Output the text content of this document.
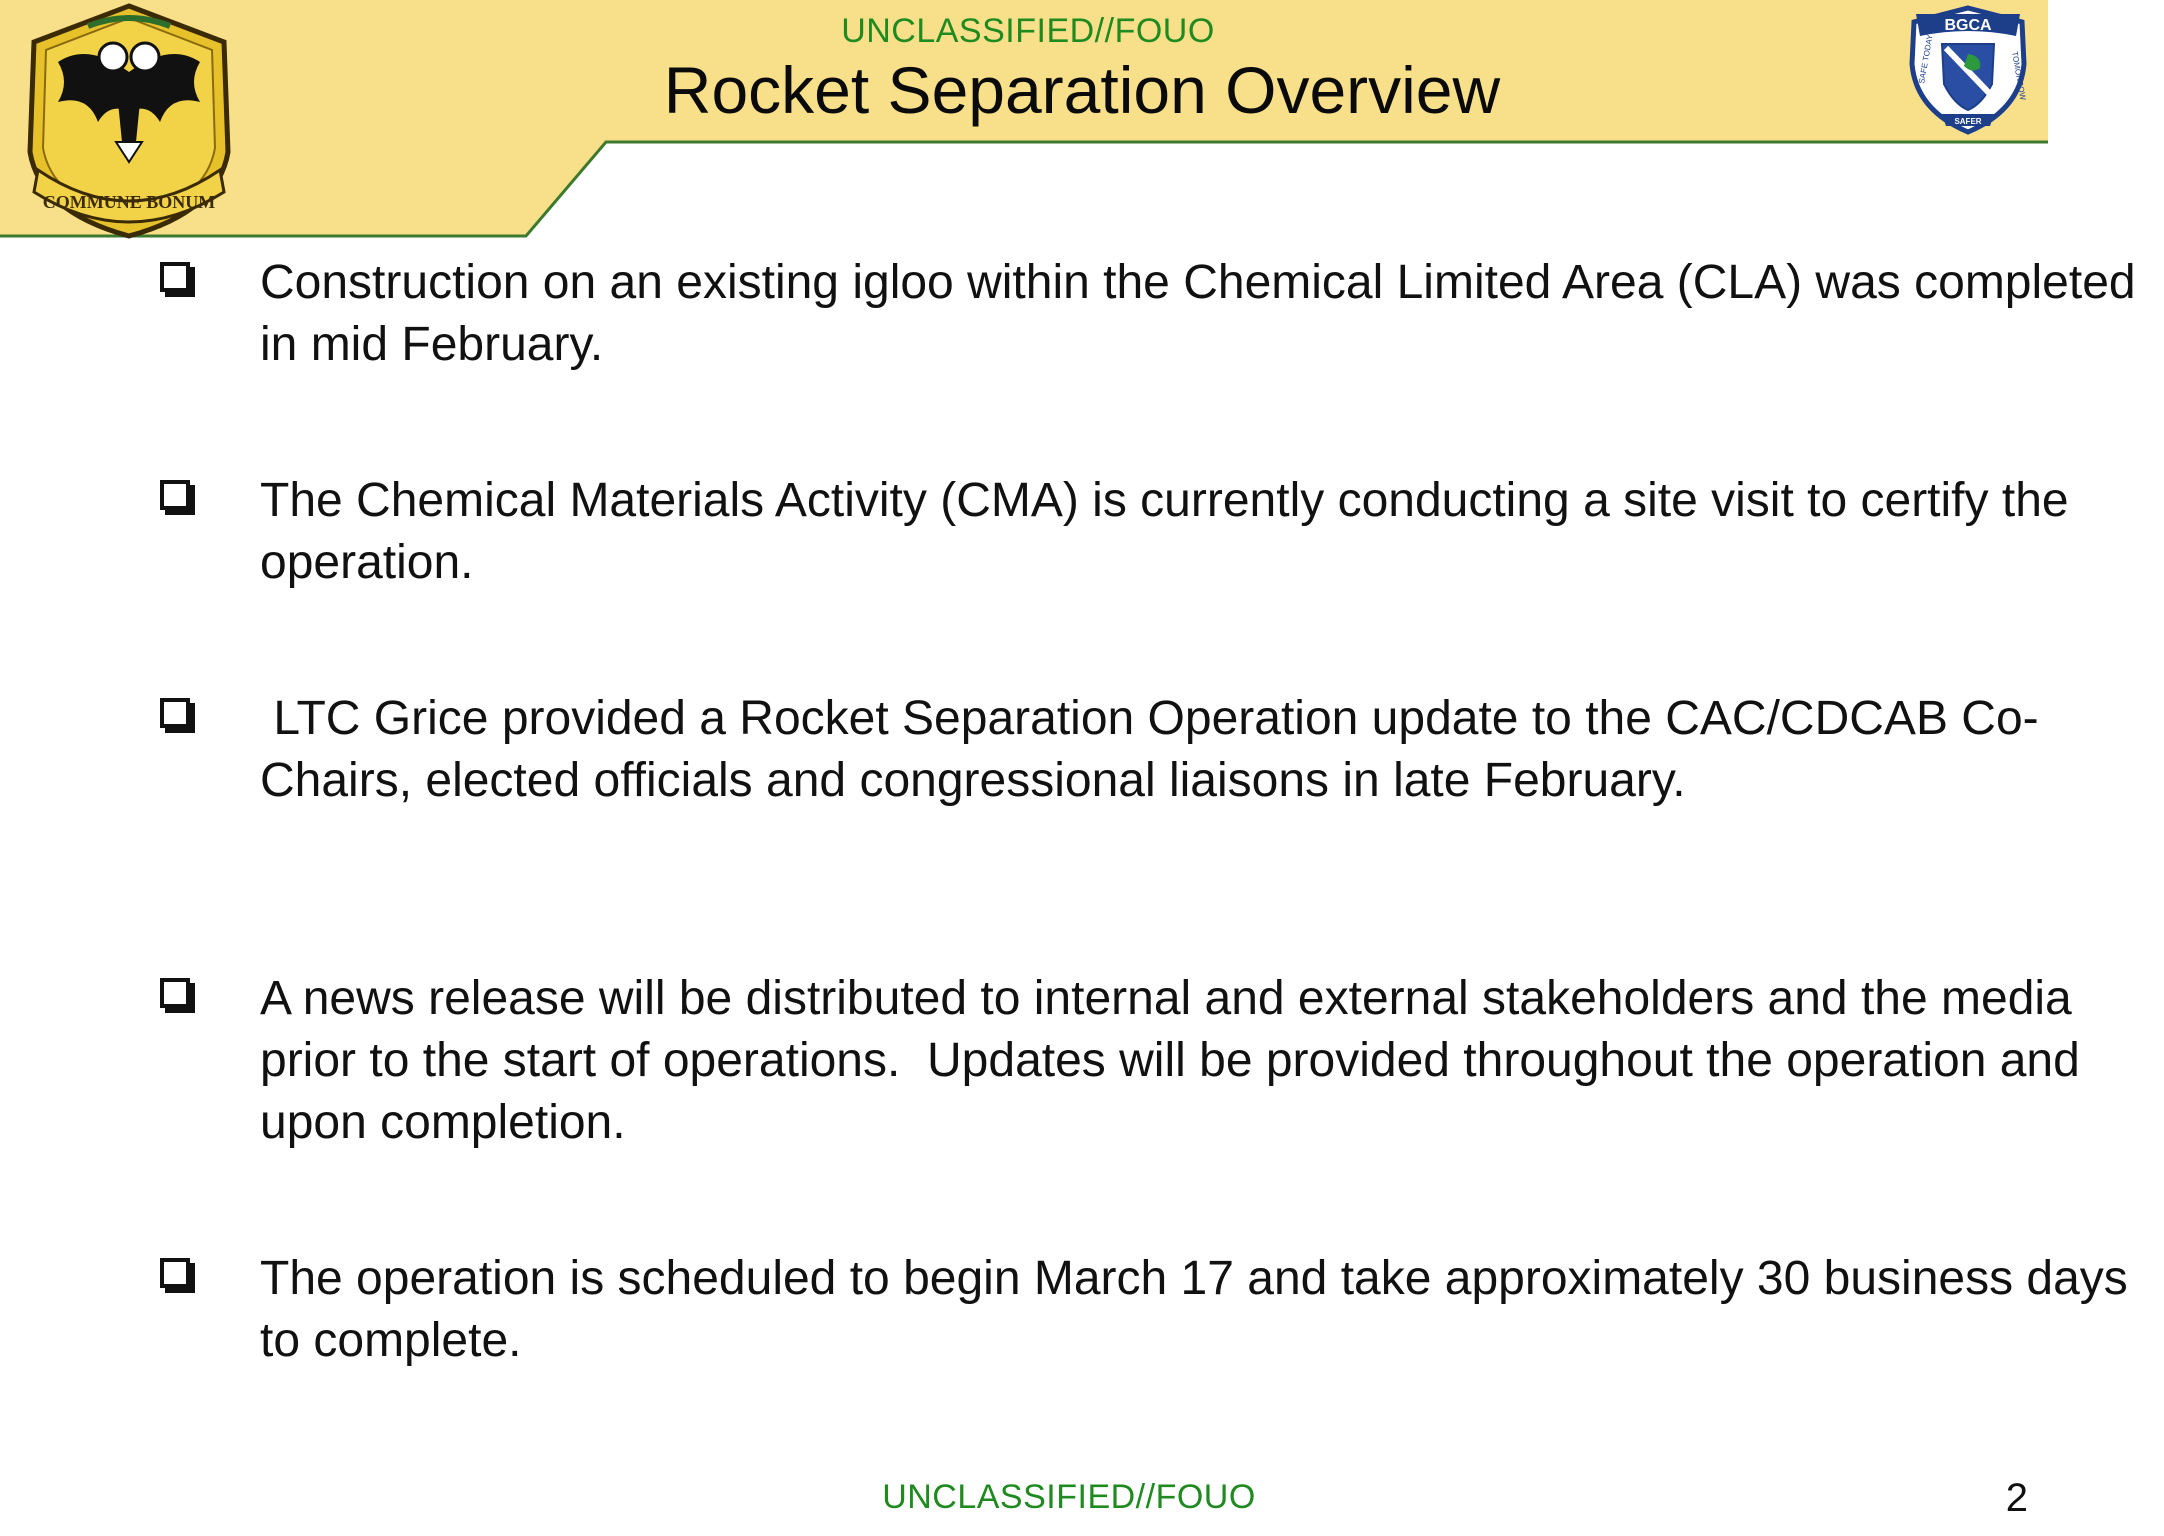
COMMUNE BONUM
BGCA
SAFE TODAY	TOMORROW
SAFER
UNCLASSIFIED//FOUO
Rocket Separation Overview
Construction on an existing igloo within the Chemical Limited Area (CLA) was completed in mid February.
The Chemical Materials Activity (CMA) is currently conducting a site visit to certify the operation.
LTC Grice provided a Rocket Separation Operation update to the CAC/CDCAB Co-Chairs, elected officials and congressional liaisons in late February.
A news release will be distributed to internal and external stakeholders and the media prior to the start of operations.  Updates will be provided throughout the operation and upon completion.
The operation is scheduled to begin March 17 and take approximately 30 business days to complete.
UNCLASSIFIED//FOUO	2
